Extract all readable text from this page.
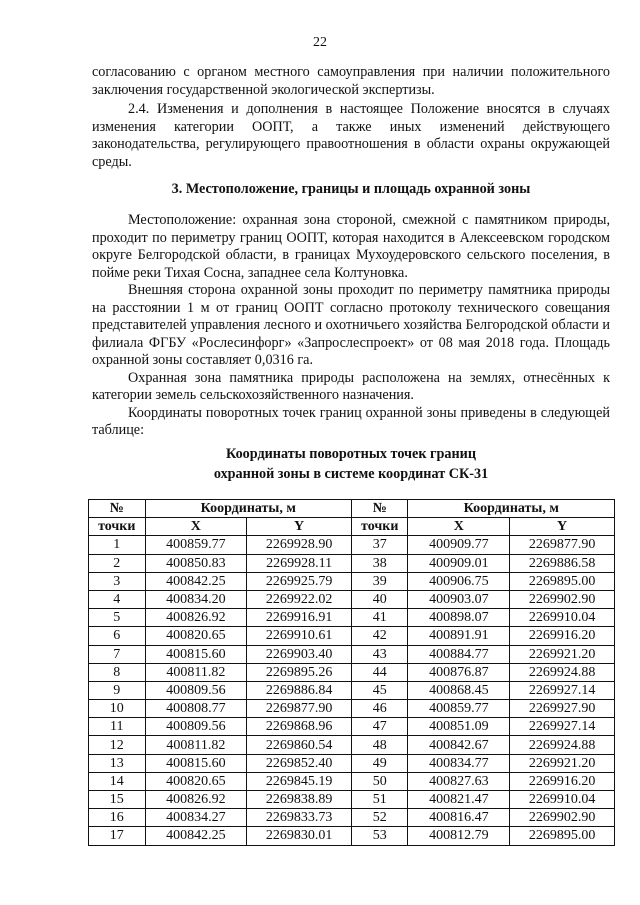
22

согласованию с органом местного самоуправления при наличии положительного заключения государственной экологической экспертизы.

2.4. Изменения и дополнения в настоящее Положение вносятся в случаях изменения категории ООПТ, а также иных изменений действующего законодательства, регулирующего правоотношения в области охраны окружающей среды.

3. Местоположение, границы и площадь охранной зоны

Местоположение: охранная зона стороной, смежной с памятником природы, проходит по периметру границ ООПТ, которая находится в Алексеевском городском округе Белгородской области, в границах Мухоудеровского сельского поселения, в пойме реки Тихая Сосна, западнее села Колтуновка.

Внешняя сторона охранной зоны проходит по периметру памятника природы на расстоянии 1 м от границ ООПТ согласно протоколу технического совещания представителей управления лесного и охотничьего хозяйства Белгородской области и филиала ФГБУ «Рослесинфорг» «Запрослеспроект» от 08 мая 2018 года. Площадь охранной зоны составляет 0,0316 га.

Охранная зона памятника природы расположена на землях, отнесённых к категории земель сельскохозяйственного назначения.

Координаты поворотных точек границ охранной зоны приведены в следующей таблице:

Координаты поворотных точек границ
охранной зоны в системе координат СК-31
№	Координаты, м		№	Координаты, м	
точки	X	Y	точки	X	Y
1	400859.77	2269928.90	37	400909.77	2269877.90
2	400850.83	2269928.11	38	400909.01	2269886.58
3	400842.25	2269925.79	39	400906.75	2269895.00
4	400834.20	2269922.02	40	400903.07	2269902.90
5	400826.92	2269916.91	41	400898.07	2269910.04
6	400820.65	2269910.61	42	400891.91	2269916.20
7	400815.60	2269903.40	43	400884.77	2269921.20
8	400811.82	2269895.26	44	400876.87	2269924.88
9	400809.56	2269886.84	45	400868.45	2269927.14
10	400808.77	2269877.90	46	400859.77	2269927.90
11	400809.56	2269868.96	47	400851.09	2269927.14
12	400811.82	2269860.54	48	400842.67	2269924.88
13	400815.60	2269852.40	49	400834.77	2269921.20
14	400820.65	2269845.19	50	400827.63	2269916.20
15	400826.92	2269838.89	51	400821.47	2269910.04
16	400834.27	2269833.73	52	400816.47	2269902.90
17	400842.25	2269830.01	53	400812.79	2269895.00
